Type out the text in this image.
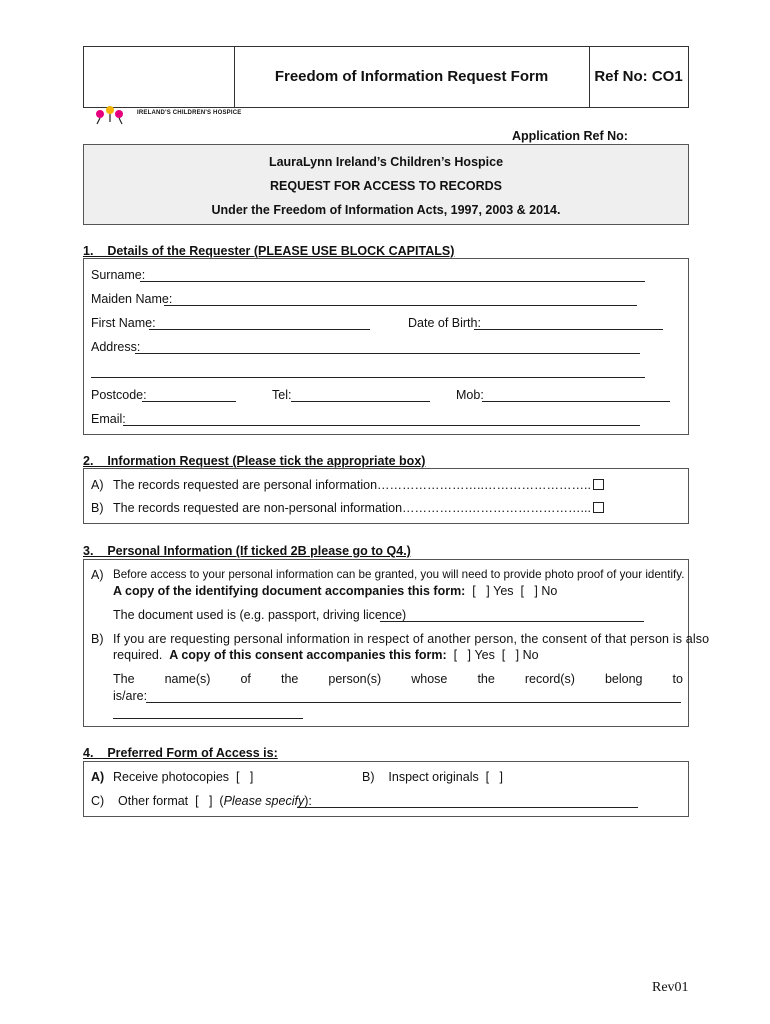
Freedom of Information Request Form	Ref No: CO1
IRELAND'S CHILDREN'S HOSPICE
Application Ref No:
LauraLynn Ireland’s Children’s Hospice
REQUEST FOR ACCESS TO RECORDS
Under the Freedom of Information Acts, 1997, 2003 & 2014.
1.    Details of the Requester (PLEASE USE BLOCK CAPITALS)
Surname:
Maiden Name:
First Name:	Date of Birth:
Address:
Postcode:	Tel:	Mob:
Email:
2.    Information Request (Please tick the appropriate box)
A) The records requested are personal information……………………..……………………..
B) The records requested are non-personal information…………….………………………...
3.    Personal Information (If ticked 2B please go to Q4.)
A) Before access to your personal information can be granted, you will need to provide photo proof of your identify.
A copy of the identifying document accompanies this form:  [   ] Yes  [   ] No
The document used is (e.g. passport, driving licence)
B) If you are requesting personal information in respect of another person, the consent of that person is also
required. A copy of this consent accompanies this form:  [   ] Yes  [   ] No
The name(s) of the person(s) whose the record(s) belong to
is/are:
4.    Preferred Form of Access is:
A) Receive photocopies  [   ]	B)    Inspect originals  [   ]
C) Other format  [   ]  (Please specify):
Rev01
